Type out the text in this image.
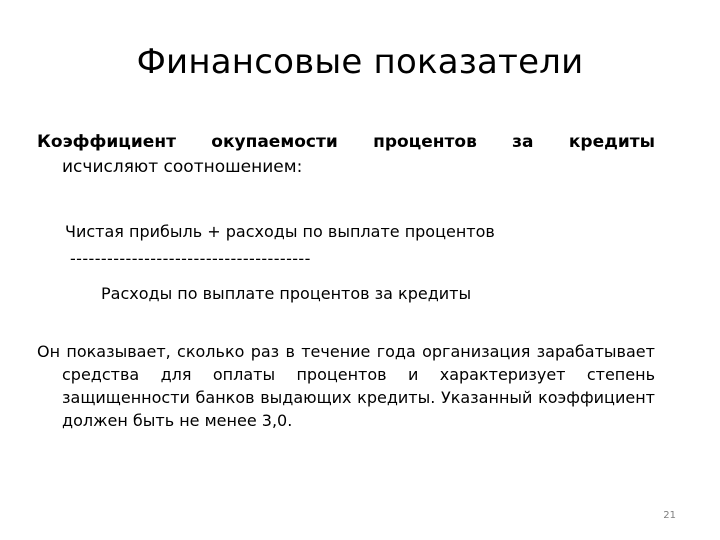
Финансовые показатели
Коэффициент окупаемости процентов за кредиты
исчисляют соотношением:
Чистая прибыль + расходы по выплате процентов
---------------------------------------
Расходы по выплате процентов за кредиты
Он показывает, сколько раз в течение года организация зарабатывает
средства для оплаты процентов и характеризует степень
защищенности банков выдающих кредиты. Указанный коэффициент
должен быть не менее 3,0.
21
